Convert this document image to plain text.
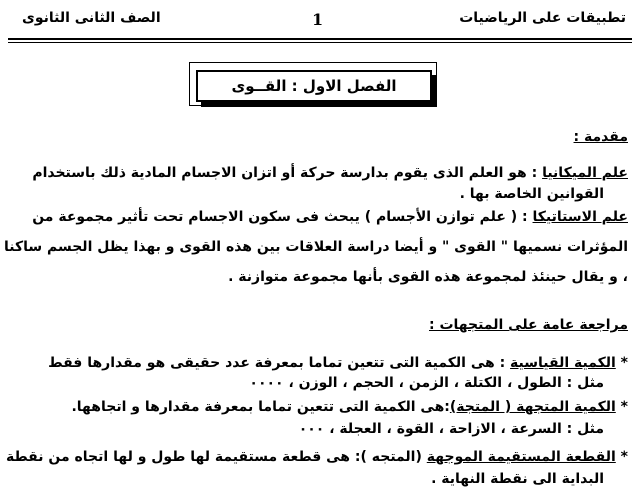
تطبيقات على الرياضيات
1
الصف الثانى الثانوى
الفصل الاول : القــوى
مقدمة :
علم الميكانيا : هو العلم الذى يقوم بدارسة حركة أو اتزان الاجسام المادية ذلك باستخدام
القوانين الخاصة بها .
علم الاستاتيكا : ( علم توازن الأجسام ) يبحث فى سكون الاجسام تحت تأثير مجموعة من
المؤثرات نسميها " القوى " و أيضا دراسة العلاقات بين هذه القوى و بهذا يظل الجسم ساكنا
، و يقال حينئذ لمجموعة هذه القوى بأنها مجموعة متوازنة .
مراجعة عامة على المتجهات :
* الكمية القياسية : هى الكمية التى تتعين تماما بمعرفة عدد حقيقى هو مقدارها فقط
مثل : الطول ، الكتلة ، الزمن ، الحجم ، الوزن ، ٠٠٠٠
* الكمية المتجهة ( المتجة):هى الكمية التى تتعين تماما بمعرفة مقدارها و اتجاهها.
مثل : السرعة ، الازاحة ، القوة ، العجلة ، ٠٠٠
* القطعة المستقيمة الموجهة (المتجه ): هى قطعة مستقيمة لها طول و لها اتجاه من نقطة
البداية الى نقطة النهاية .
